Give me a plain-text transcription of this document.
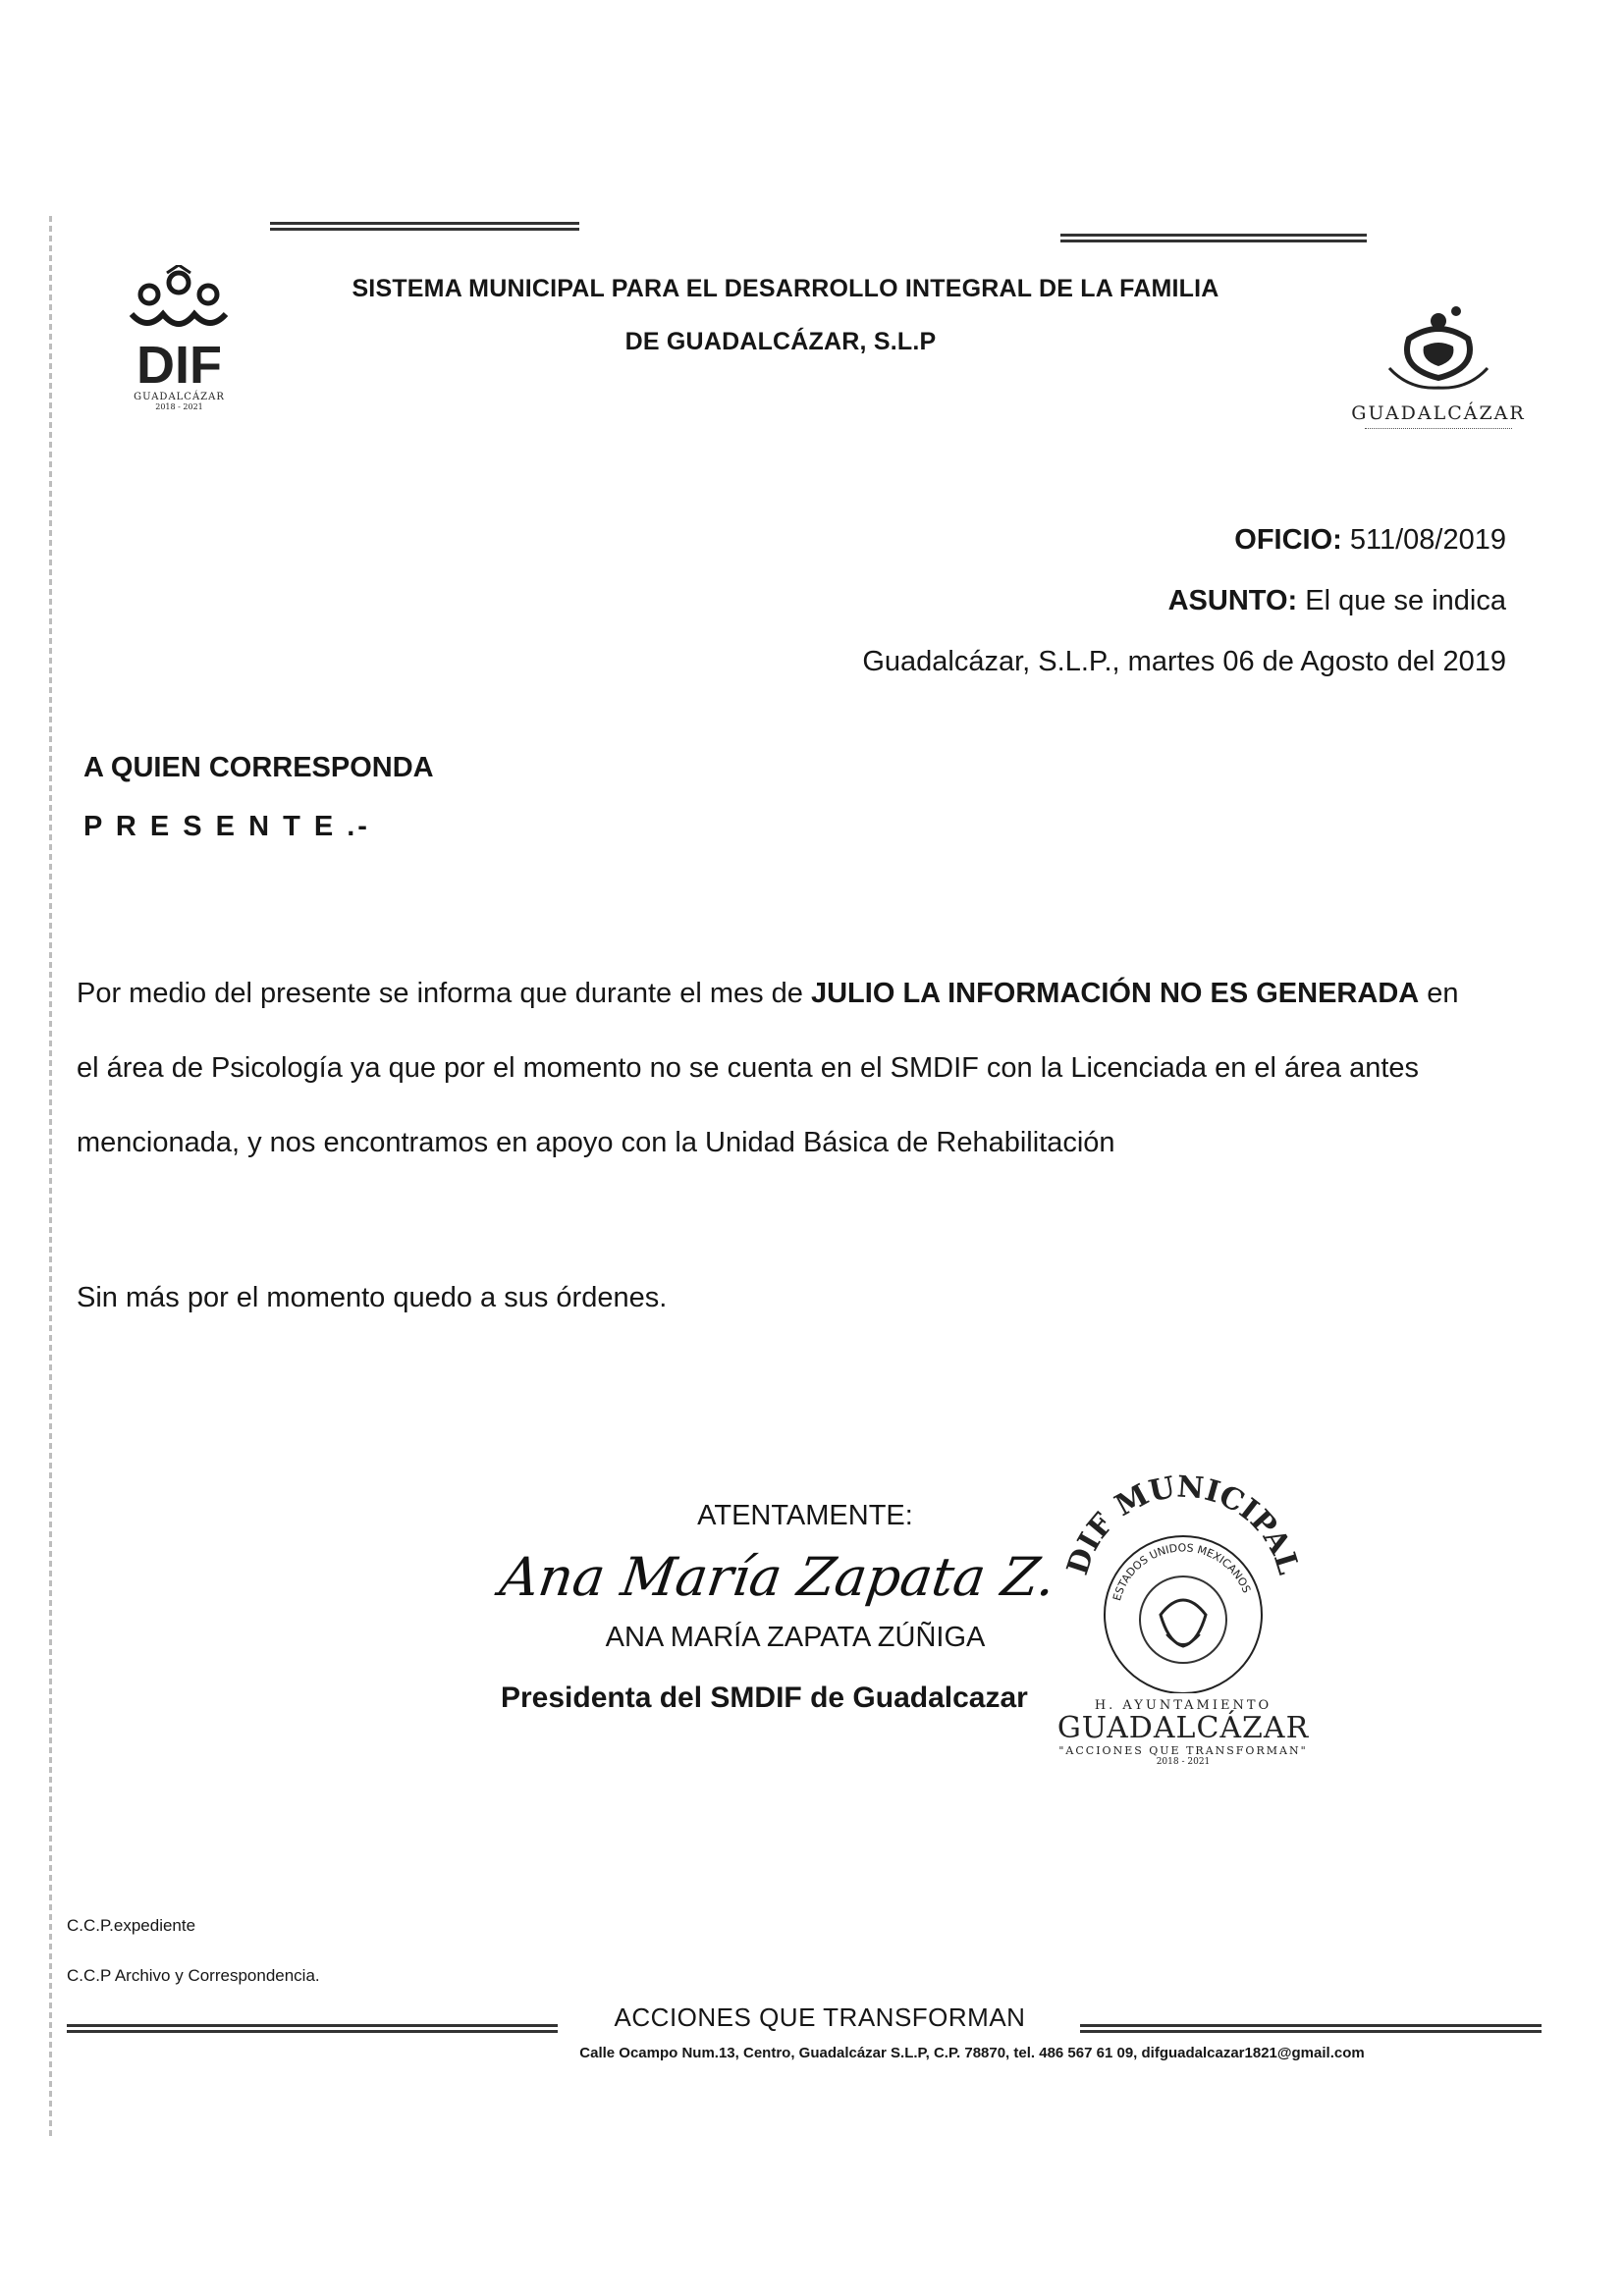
DIF
GUADALCÁZAR
2018 - 2021
SISTEMA MUNICIPAL PARA EL DESARROLLO INTEGRAL DE LA FAMILIA
DE GUADALCÁZAR, S.L.P
GUADALCÁZAR
OFICIO: 511/08/2019
ASUNTO: El que se indica
Guadalcázar, S.L.P., martes 06 de Agosto del 2019
A QUIEN CORRESPONDA
P R E S E N T E .-
Por medio del presente se informa que durante el mes de JULIO LA INFORMACIÓN NO ES GENERADA en el área de Psicología ya que por el momento no se cuenta en el SMDIF con la Licenciada en el área antes mencionada, y nos encontramos en apoyo con la Unidad Básica de Rehabilitación
Sin más por el momento quedo a sus órdenes.
ATENTAMENTE:
Ana María Zapata Z.
ANA MARÍA ZAPATA ZÚÑIGA
Presidenta del SMDIF de Guadalcazar
DIF MUNICIPAL
ESTADOS UNIDOS MEXICANOS
H. AYUNTAMIENTO
GUADALCÁZAR
"ACCIONES QUE TRANSFORMAN"
2018 - 2021
C.C.P.expediente
C.C.P Archivo y Correspondencia.
ACCIONES QUE TRANSFORMAN
Calle Ocampo Num.13, Centro, Guadalcázar S.L.P, C.P. 78870, tel. 486 567 61 09, difguadalcazar1821@gmail.com
